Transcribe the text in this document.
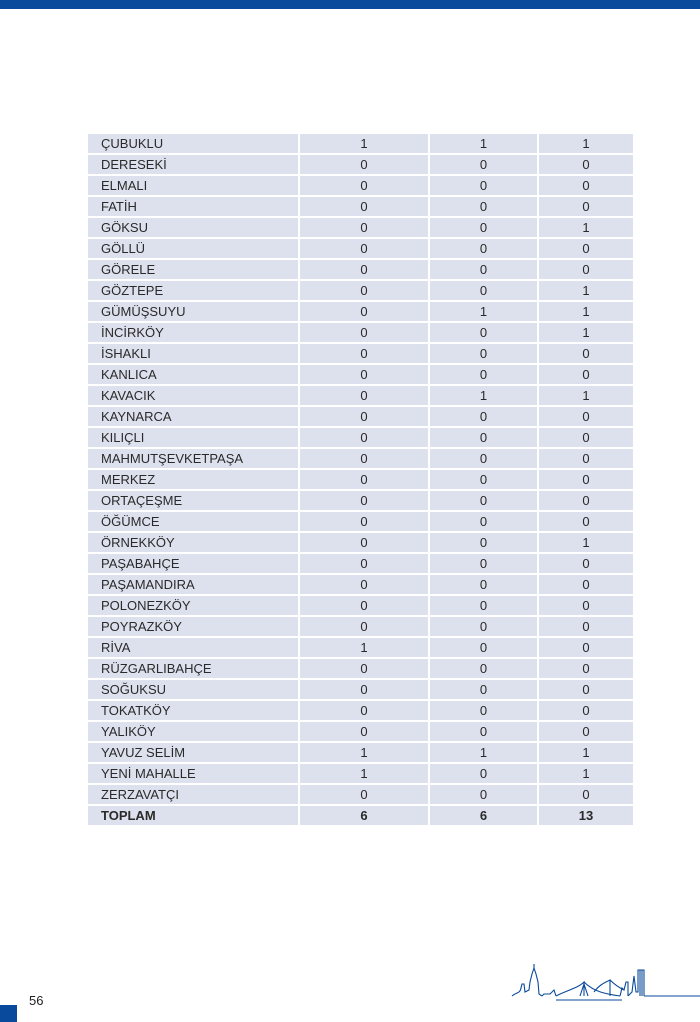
ÇUBUKLU	1	1	1
DERESEKİ	0	0	0
ELMALI	0	0	0
FATİH	0	0	0
GÖKSU	0	0	1
GÖLLÜ	0	0	0
GÖRELE	0	0	0
GÖZTEPE	0	0	1
GÜMÜŞSUYU	0	1	1
İNCİRKÖY	0	0	1
İSHAKLI	0	0	0
KANLICA	0	0	0
KAVACIK	0	1	1
KAYNARCA	0	0	0
KILIÇLI	0	0	0
MAHMUTŞEVKETPAŞA	0	0	0
MERKEZ	0	0	0
ORTAÇEŞME	0	0	0
ÖĞÜMCE	0	0	0
ÖRNEKKÖY	0	0	1
PAŞABAHÇE	0	0	0
PAŞAMANDIRA	0	0	0
POLONEZKÖY	0	0	0
POYRAZKÖY	0	0	0
RİVA	1	0	0
RÜZGARLIBAHÇE	0	0	0
SOĞUKSU	0	0	0
TOKATKÖY	0	0	0
YALIKÖY	0	0	0
YAVUZ SELİM	1	1	1
YENİ MAHALLE	1	0	1
ZERZAVATÇI	0	0	0
TOPLAM	6	6	13
56
